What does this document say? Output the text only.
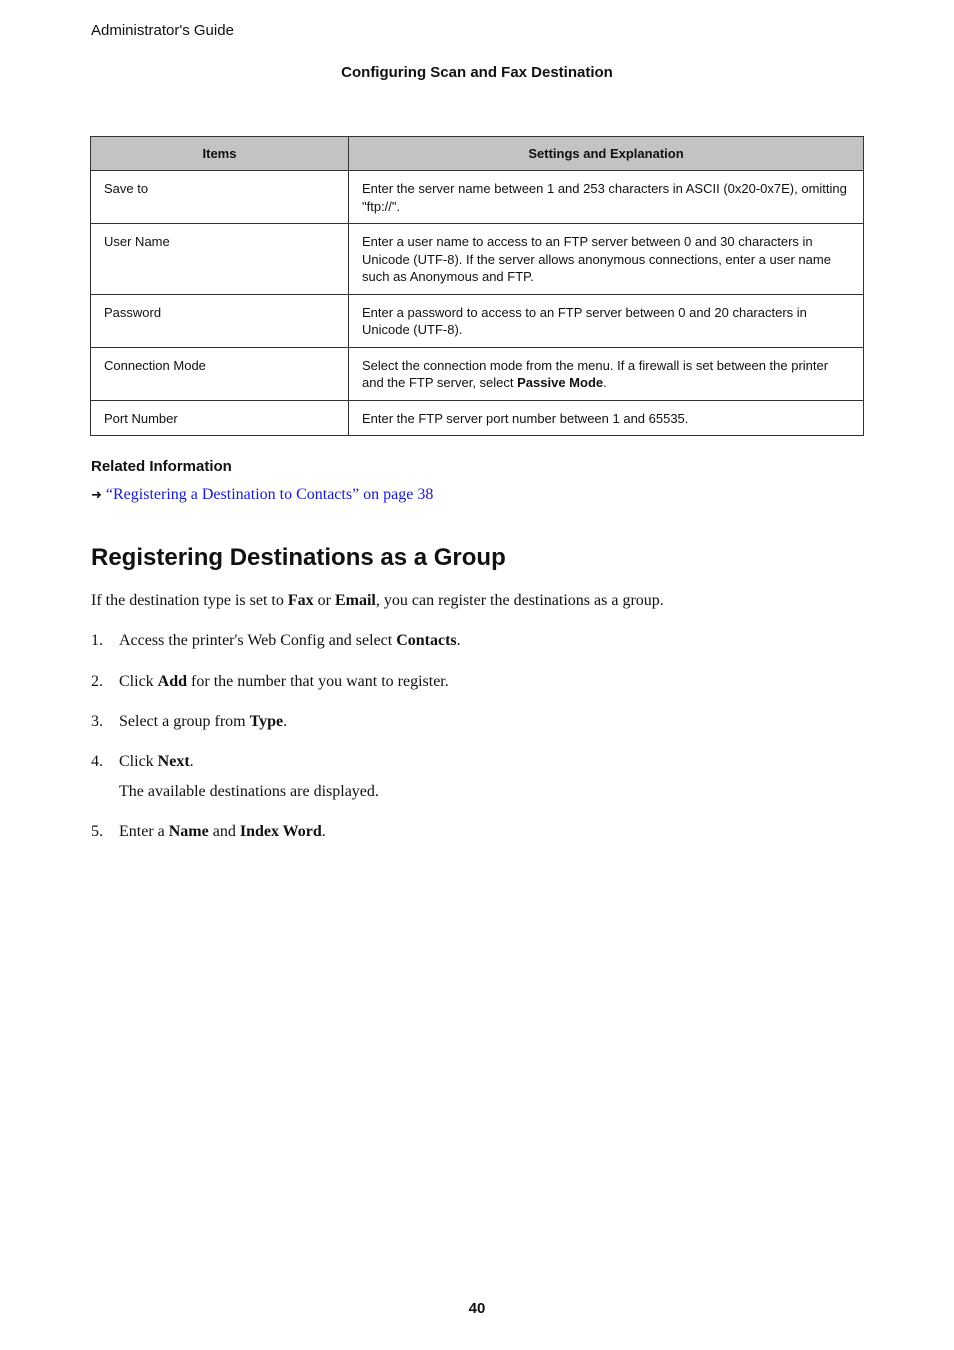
Administrator's Guide
Configuring Scan and Fax Destination
Items	Settings and Explanation
Save to	Enter the server name between 1 and 253 characters in ASCII (0x20-0x7E), omitting "ftp://".
User Name	Enter a user name to access to an FTP server between 0 and 30 characters in Unicode (UTF-8). If the server allows anonymous connections, enter a user name such as Anonymous and FTP.
Password	Enter a password to access to an FTP server between 0 and 20 characters in Unicode (UTF-8).
Connection Mode	Select the connection mode from the menu. If a firewall is set between the printer and the FTP server, select Passive Mode.
Port Number	Enter the FTP server port number between 1 and 65535.
Related Information
➜ “Registering a Destination to Contacts” on page 38
Registering Destinations as a Group

If the destination type is set to Fax or Email, you can register the destinations as a group.

1. Access the printer's Web Config and select Contacts.
2. Click Add for the number that you want to register.
3. Select a group from Type.
4. Click Next.
The available destinations are displayed.
5. Enter a Name and Index Word.
40
